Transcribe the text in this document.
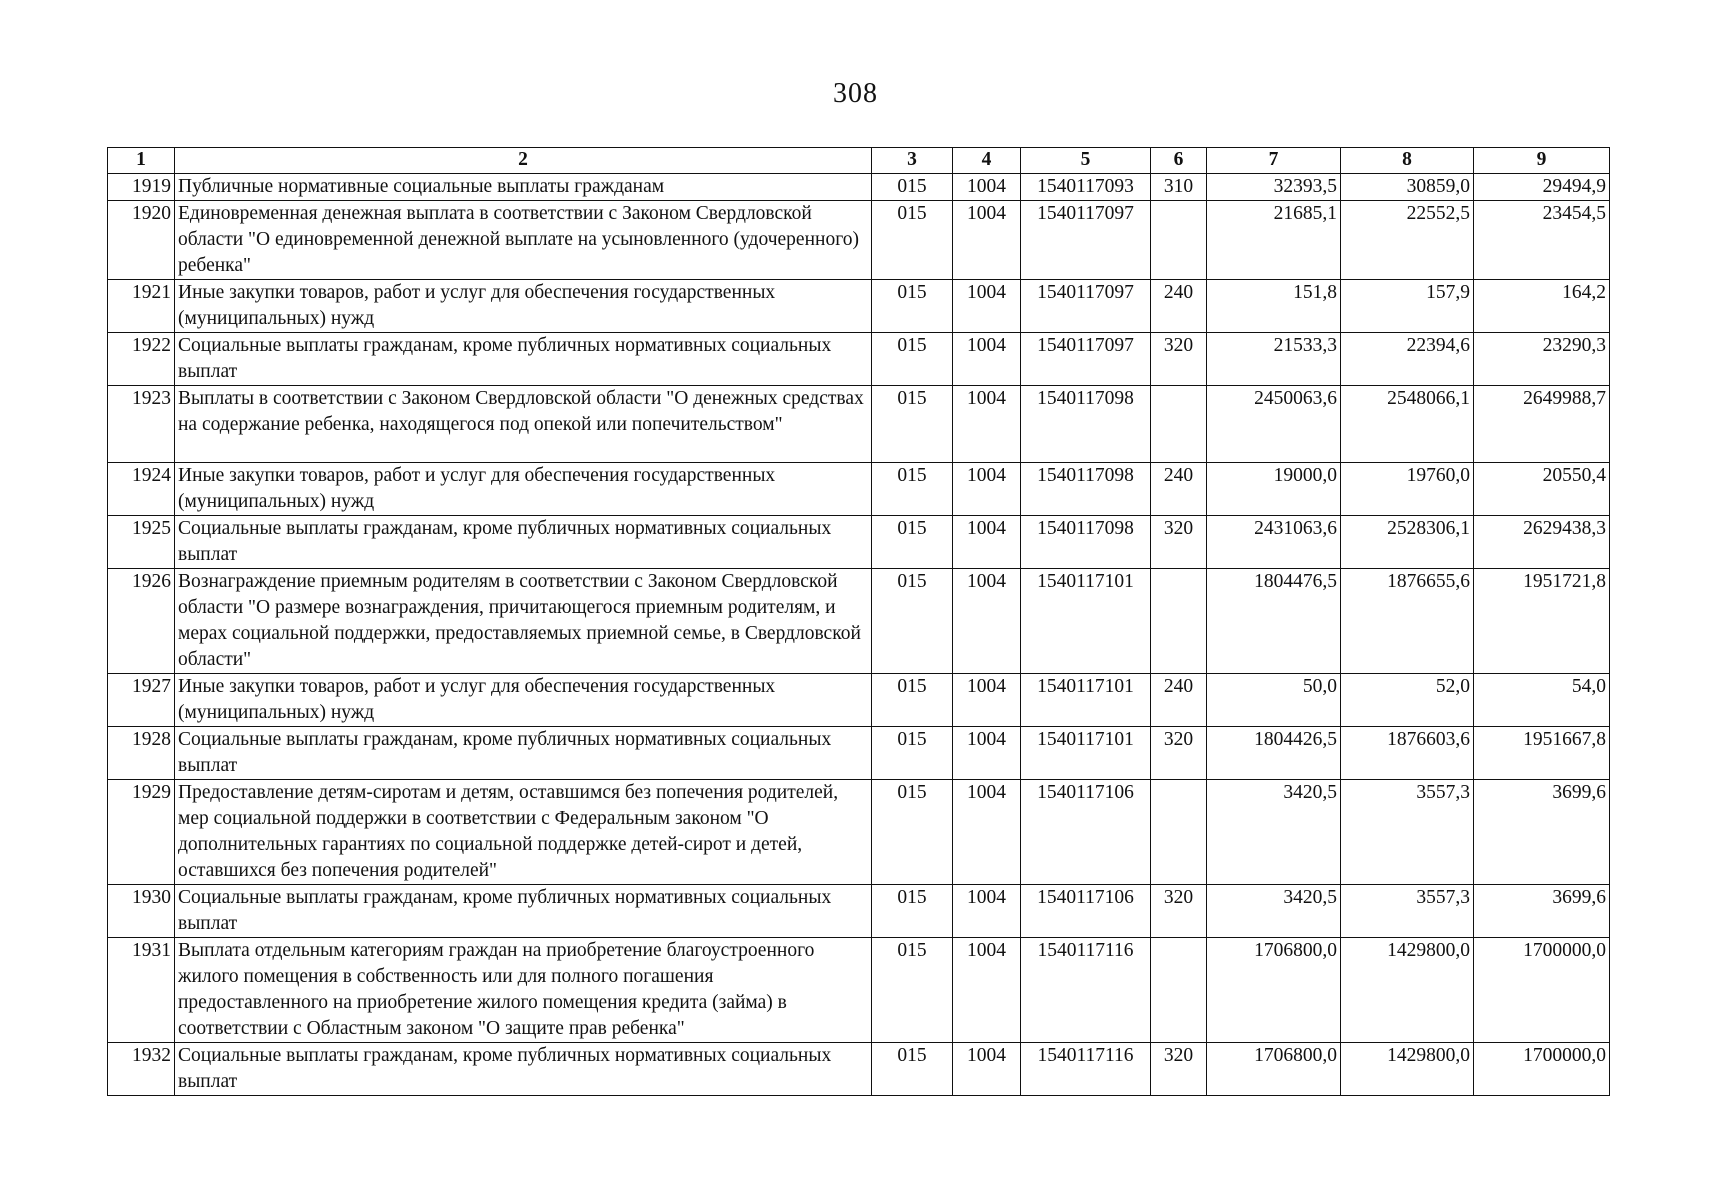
308
1	2	3	4	5	6	7	8	9
1919	Публичные нормативные социальные выплаты гражданам	015	1004	1540117093	310	32393,5	30859,0	29494,9
1920	Единовременная денежная выплата в соответствии с Законом Свердловской области "О единовременной денежной выплате на усыновленного (удочеренного) ребенка"	015	1004	1540117097		21685,1	22552,5	23454,5
1921	Иные закупки товаров, работ и услуг для обеспечения государственных (муниципальных) нужд	015	1004	1540117097	240	151,8	157,9	164,2
1922	Социальные выплаты гражданам, кроме публичных нормативных социальных выплат	015	1004	1540117097	320	21533,3	22394,6	23290,3
1923	Выплаты в соответствии с Законом Свердловской области "О денежных средствах на содержание ребенка, находящегося под опекой или попечительством"	015	1004	1540117098		2450063,6	2548066,1	2649988,7
1924	Иные закупки товаров, работ и услуг для обеспечения государственных (муниципальных) нужд	015	1004	1540117098	240	19000,0	19760,0	20550,4
1925	Социальные выплаты гражданам, кроме публичных нормативных социальных выплат	015	1004	1540117098	320	2431063,6	2528306,1	2629438,3
1926	Вознаграждение приемным родителям в соответствии с Законом Свердловской области "О размере вознаграждения, причитающегося приемным родителям, и мерах социальной поддержки, предоставляемых приемной семье, в Свердловской области"	015	1004	1540117101		1804476,5	1876655,6	1951721,8
1927	Иные закупки товаров, работ и услуг для обеспечения государственных (муниципальных) нужд	015	1004	1540117101	240	50,0	52,0	54,0
1928	Социальные выплаты гражданам, кроме публичных нормативных социальных выплат	015	1004	1540117101	320	1804426,5	1876603,6	1951667,8
1929	Предоставление детям-сиротам и детям, оставшимся без попечения родителей, мер социальной поддержки в соответствии с Федеральным законом "О дополнительных гарантиях по социальной поддержке детей-сирот и детей, оставшихся без попечения родителей"	015	1004	1540117106		3420,5	3557,3	3699,6
1930	Социальные выплаты гражданам, кроме публичных нормативных социальных выплат	015	1004	1540117106	320	3420,5	3557,3	3699,6
1931	Выплата отдельным категориям граждан на приобретение благоустроенного жилого помещения в собственность или для полного погашения предоставленного на приобретение жилого помещения кредита (займа) в соответствии с Областным законом "О защите прав ребенка"	015	1004	1540117116		1706800,0	1429800,0	1700000,0
1932	Социальные выплаты гражданам, кроме публичных нормативных социальных выплат	015	1004	1540117116	320	1706800,0	1429800,0	1700000,0
